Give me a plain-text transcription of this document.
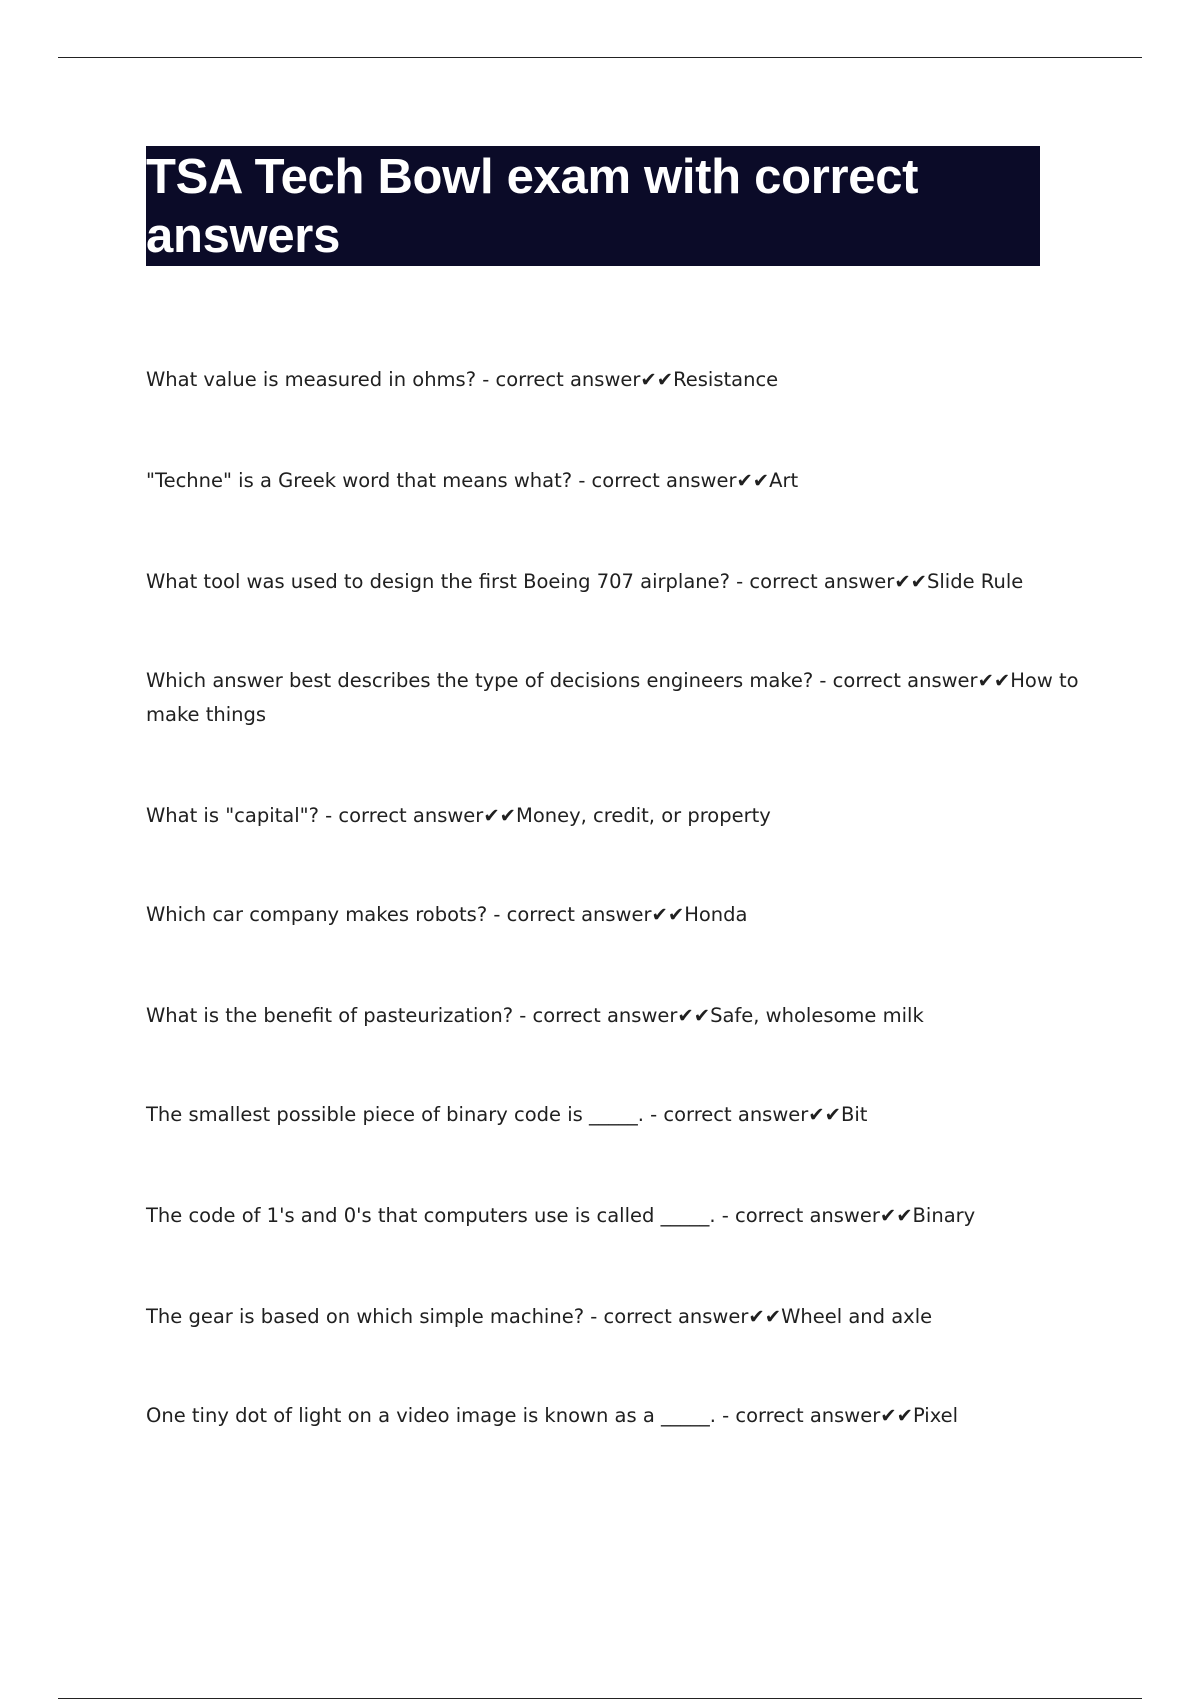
TSA Tech Bowl exam with correct answers

What value is measured in ohms? - correct answer✔✔Resistance

"Techne" is a Greek word that means what? - correct answer✔✔Art

What tool was used to design the first Boeing 707 airplane? - correct answer✔✔Slide Rule

Which answer best describes the type of decisions engineers make? - correct answer✔✔How to make things

What is "capital"? - correct answer✔✔Money, credit, or property

Which car company makes robots? - correct answer✔✔Honda

What is the benefit of pasteurization? - correct answer✔✔Safe, wholesome milk

The smallest possible piece of binary code is _____. - correct answer✔✔Bit

The code of 1's and 0's that computers use is called _____. - correct answer✔✔Binary

The gear is based on which simple machine? - correct answer✔✔Wheel and axle

One tiny dot of light on a video image is known as a _____. - correct answer✔✔Pixel
